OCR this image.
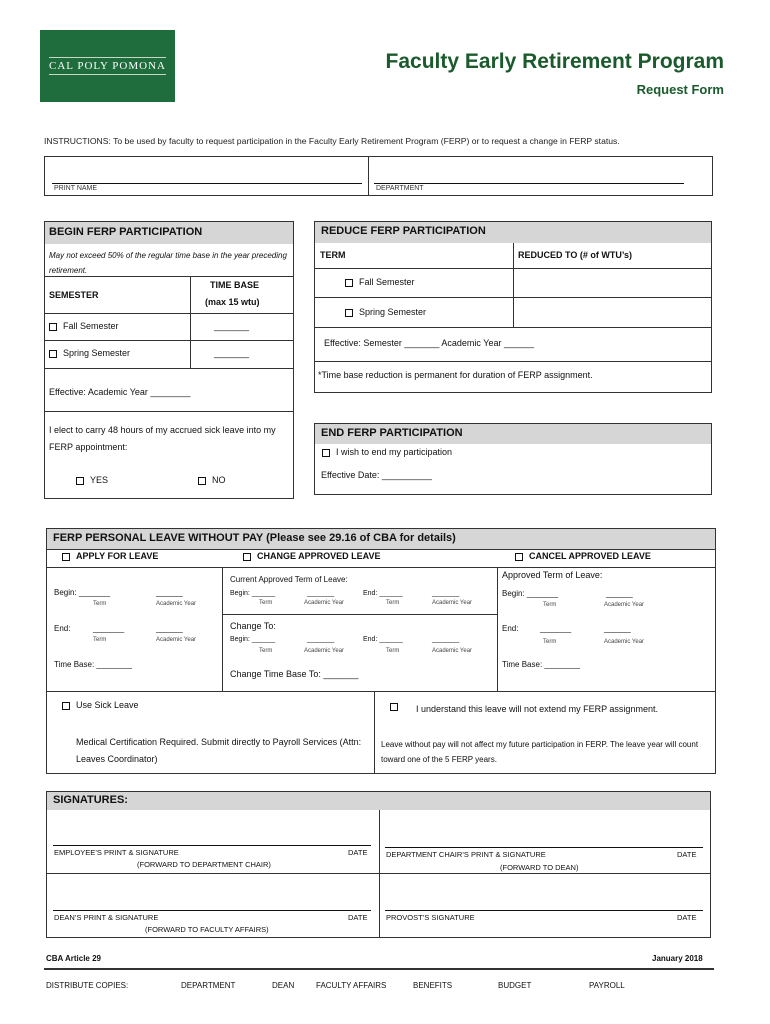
CAL POLY POMONA	Faculty Early Retirement Program
Request Form
INSTRUCTIONS: To be used by faculty to request participation in the Faculty Early Retirement Program (FERP) or to request a change in FERP status.
PRINT NAME	DEPARTMENT
BEGIN FERP PARTICIPATION
May not exceed 50% of the regular time base in the year preceding retirement.
SEMESTER
TIME BASE
(max 15 wtu)
Fall Semester	_______
Spring Semester	_______
Effective: Academic Year ________
I elect to carry 48 hours of my accrued sick leave into my FERP appointment:
YES	NO
REDUCE FERP PARTICIPATION
TERM	REDUCED TO (# of WTU’s)
Fall Semester
Spring Semester
Effective: Semester _______ Academic Year ______
*Time base reduction is permanent for duration of FERP assignment.
END FERP PARTICIPATION
I wish to end my participation
Effective Date: __________
FERP PERSONAL LEAVE WITHOUT PAY (Please see 29.16 of CBA for details)
APPLY FOR LEAVE	CHANGE APPROVED LEAVE	CANCEL APPROVED LEAVE
Begin: _______	______
Term	Academic Year
End:	_______	______
Term	Academic Year
Time Base: ________
Current Approved Term of Leave:
Begin: ______	_______	End: ______	_______
Term	Academic Year	Term	Academic Year
Change To:
Begin: ______	_______	End: ______	_______
Term	Academic Year	Term	Academic Year
Change Time Base To: _______
Approved Term of Leave:
Begin: _______	______
Term	Academic Year
End:	_______	______
Term	Academic Year
Time Base: ________
Use Sick Leave
Medical Certification Required. Submit directly to Payroll Services (Attn: Leaves Coordinator)
I understand this leave will not extend my FERP assignment.
Leave without pay will not affect my future participation in FERP. The leave year will count toward one of the 5 FERP years.
SIGNATURES:
EMPLOYEE’S PRINT & SIGNATURE	DATE
(FORWARD TO DEPARTMENT CHAIR)
DEPARTMENT CHAIR’S PRINT & SIGNATURE	DATE
(FORWARD TO DEAN)
DEAN’S PRINT & SIGNATURE	DATE
(FORWARD TO FACULTY AFFAIRS)
PROVOST’S SIGNATURE	DATE
CBA Article 29	January 2018
DISTRIBUTE COPIES:	DEPARTMENT	DEAN	FACULTY AFFAIRS	BENEFITS	BUDGET	PAYROLL
